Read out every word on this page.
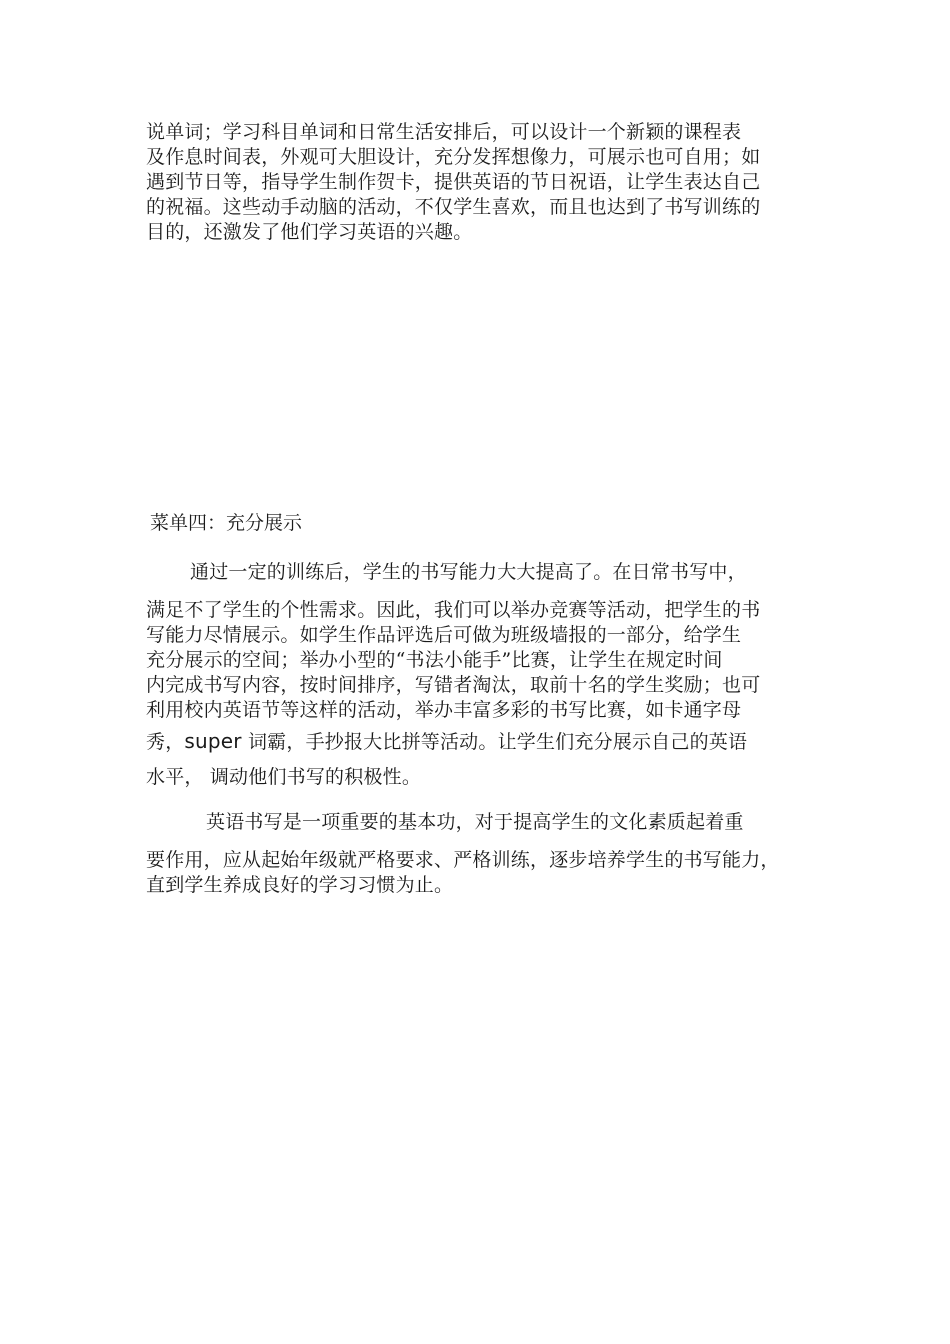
说单词；学习科目单词和日常生活安排后，可以设计一个新颖的课程表
及作息时间表，外观可大胆设计，充分发挥想像力，可展示也可自用；如
遇到节日等，指导学生制作贺卡，提供英语的节日祝语，让学生表达自己
的祝福。这些动手动脑的活动，不仅学生喜欢，而且也达到了书写训练的
目的，还激发了他们学习英语的兴趣。
菜单四：充分展示
通过一定的训练后，学生的书写能力大大提高了。在日常书写中，
满足不了学生的个性需求。因此，我们可以举办竞赛等活动，把学生的书
写能力尽情展示。如学生作品评选后可做为班级墙报的一部分，给学生
充分展示的空间；举办小型的“书法小能手”比赛，让学生在规定时间
内完成书写内容，按时间排序，写错者淘汰，取前十名的学生奖励；也可
利用校内英语节等这样的活动，举办丰富多彩的书写比赛，如卡通字母
秀，super 词霸，手抄报大比拼等活动。让学生们充分展示自己的英语
水平， 调动他们书写的积极性。
英语书写是一项重要的基本功，对于提高学生的文化素质起着重
要作用，应从起始年级就严格要求、严格训练，逐步培养学生的书写能力，
直到学生养成良好的学习习惯为止。
